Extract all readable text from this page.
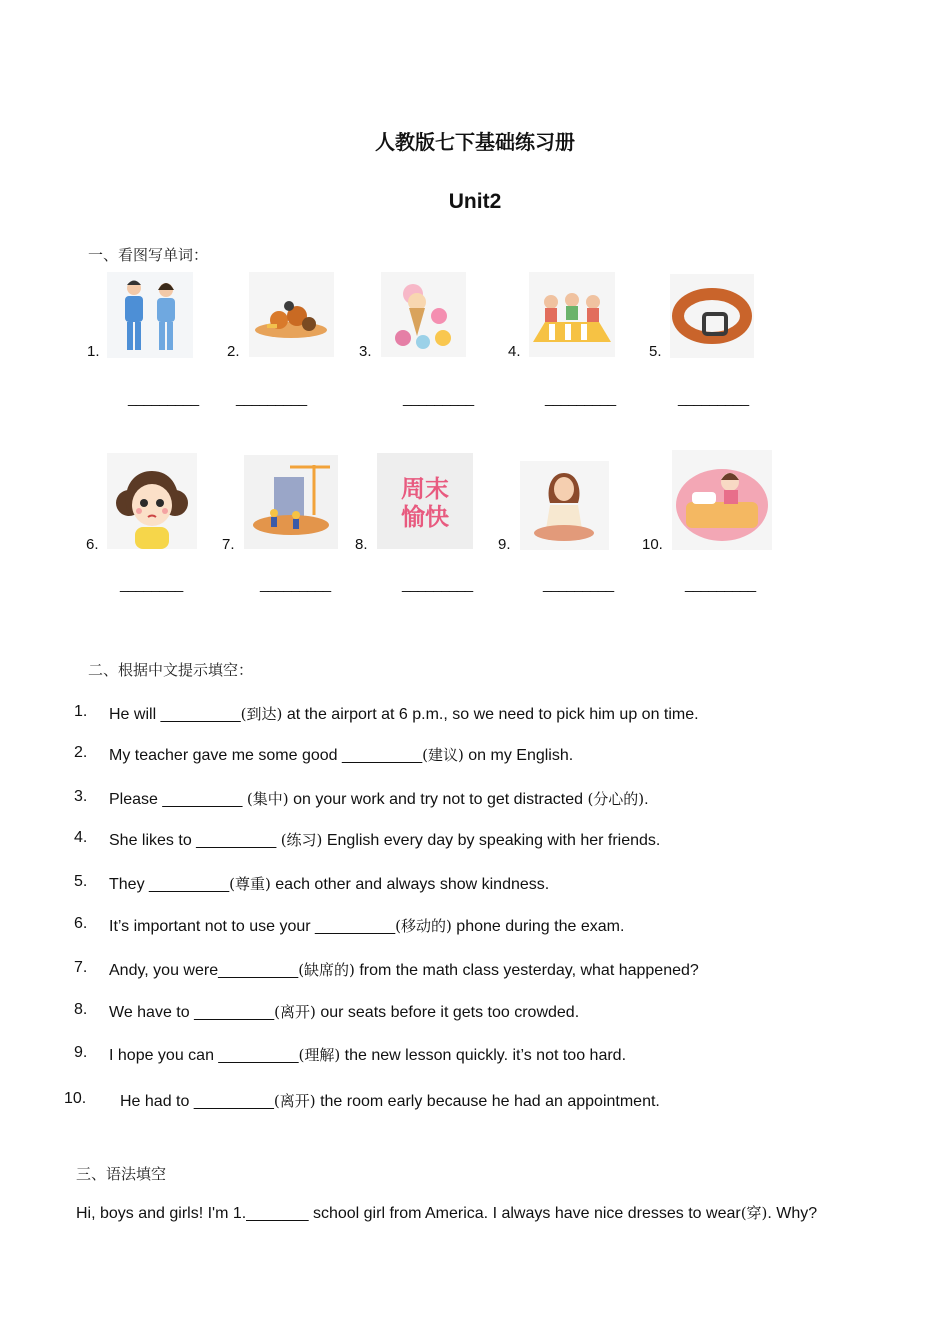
人教版七下基础练习册
Unit2
一、看图写单词：
1.	2.	3.	4.	5.
_________ _________	_________	_________	_________
6.	7.	8.	9.	10.
周末
愉快
________	_________	_________	_________	_________
二、根据中文提示填空：
1. He will _________(到达) at the airport at 6 p.m., so we need to pick him up on time.
2. My teacher gave me some good _________(建议) on my English.
3. Please _________ (集中) on your work and try not to get distracted (分心的).
4. She likes to _________ (练习) English every day by speaking with her friends.
5. They _________(尊重) each other and always show kindness.
6. It’s important not to use your _________(移动的) phone during the exam.
7. Andy, you were_________(缺席的) from the math class yesterday, what happened?
8. We have to _________(离开) our seats before it gets too crowded.
9. I hope you can _________(理解) the new lesson quickly. it’s not too hard.
10. He had to _________(离开) the room early because he had an appointment.
三、语法填空
Hi, boys and girls! I'm 1._______ school girl from America. I always have nice dresses to wear(穿). Why?
